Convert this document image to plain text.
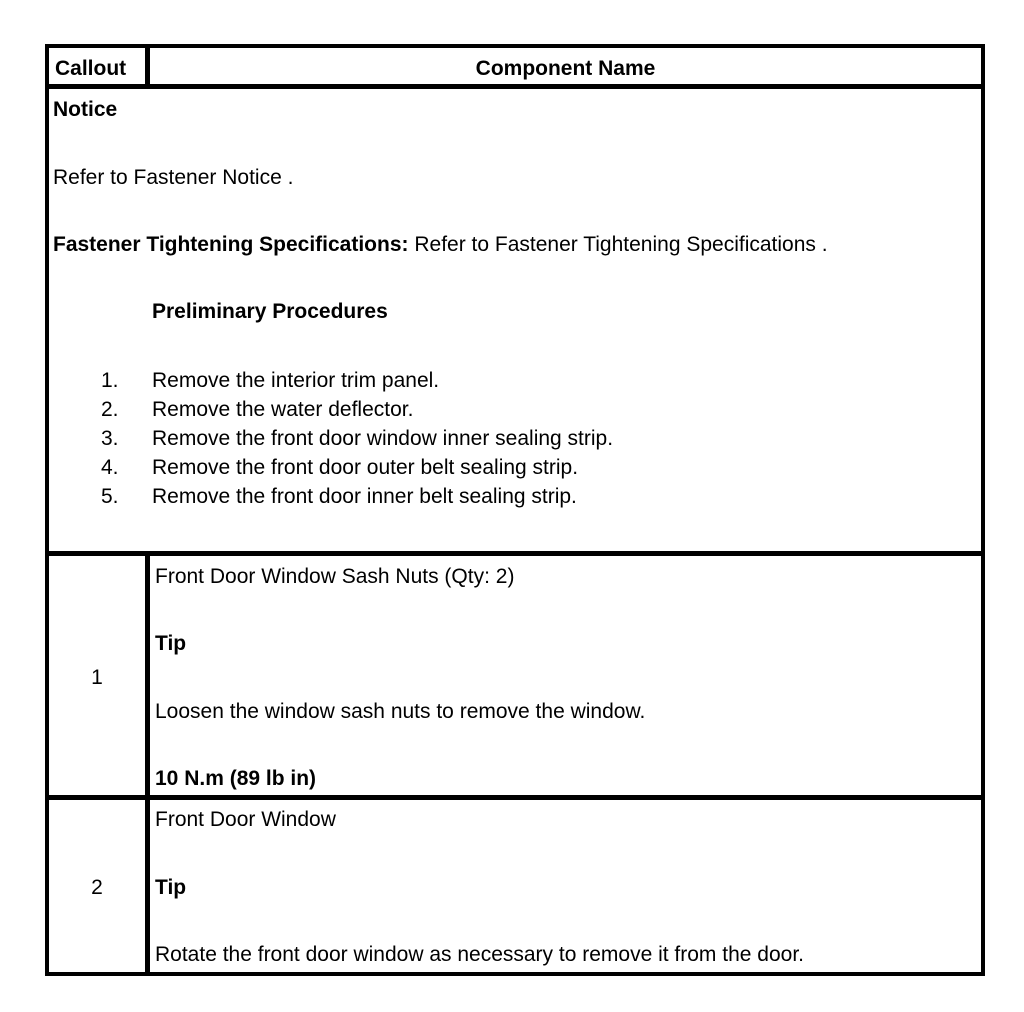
Callout	Component Name
Notice
Refer to Fastener Notice .
Fastener Tightening Specifications: Refer to Fastener Tightening Specifications .
Preliminary Procedures
1. Remove the interior trim panel.
2. Remove the water deflector.
3. Remove the front door window inner sealing strip.
4. Remove the front door outer belt sealing strip.
5. Remove the front door inner belt sealing strip.
1
Front Door Window Sash Nuts (Qty: 2)
Tip
Loosen the window sash nuts to remove the window.
10 N.m (89 lb in)
2
Front Door Window
Tip
Rotate the front door window as necessary to remove it from the door.
